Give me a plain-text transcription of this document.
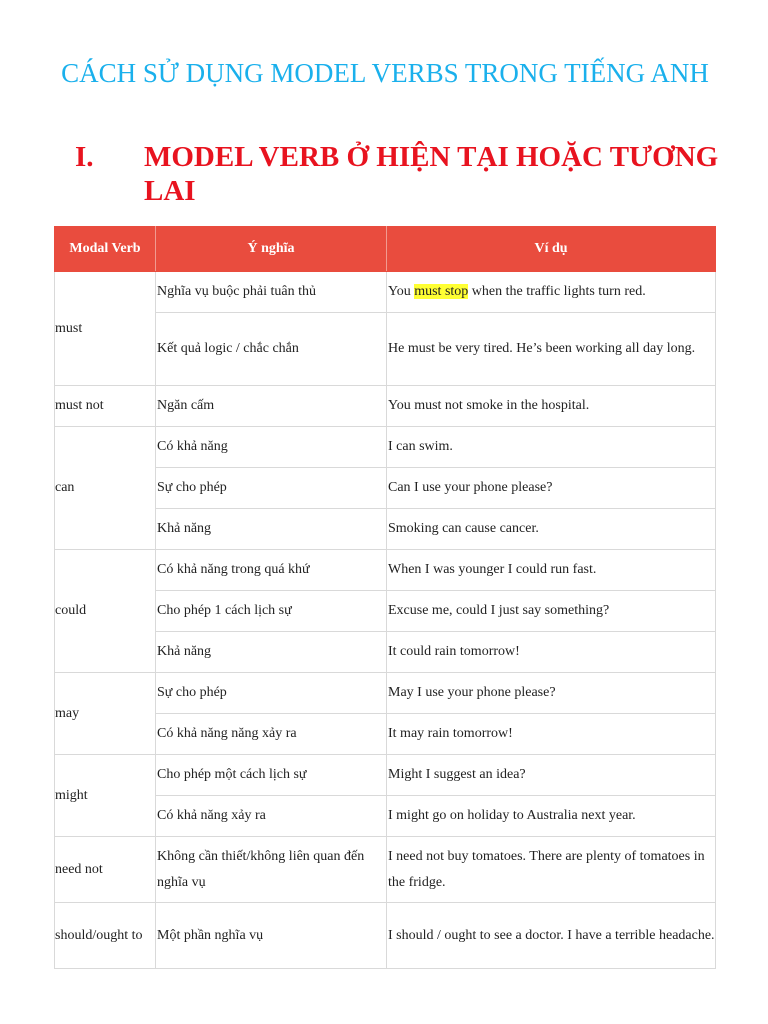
CÁCH SỬ DỤNG MODEL VERBS TRONG TIẾNG ANH
I. MODEL VERB Ở HIỆN TẠI HOẶC TƯƠNG LAI
Modal Verb	Ý nghĩa	Ví dụ
must	Nghĩa vụ buộc phải tuân thủ	You must stop when the traffic lights turn red.
	Kết quả logic / chắc chắn	He must be very tired. He’s been working all day long.
must not	Ngăn cấm	You must not smoke in the hospital.
can	Có khả năng	I can swim.
	Sự cho phép	Can I use your phone please?
	Khả năng	Smoking can cause cancer.
could	Có khả năng trong quá khứ	When I was younger I could run fast.
	Cho phép 1 cách lịch sự	Excuse me, could I just say something?
	Khả năng	It could rain tomorrow!
may	Sự cho phép	May I use your phone please?
	Có khả năng năng xảy ra	It may rain tomorrow!
might	Cho phép một cách lịch sự	Might I suggest an idea?
	Có khả năng xảy ra	I might go on holiday to Australia next year.
need not	Không cần thiết/không liên quan đến nghĩa vụ	I need not buy tomatoes. There are plenty of tomatoes in the fridge.
should/ought to	Một phần nghĩa vụ	I should / ought to see a doctor. I have a terrible headache.
